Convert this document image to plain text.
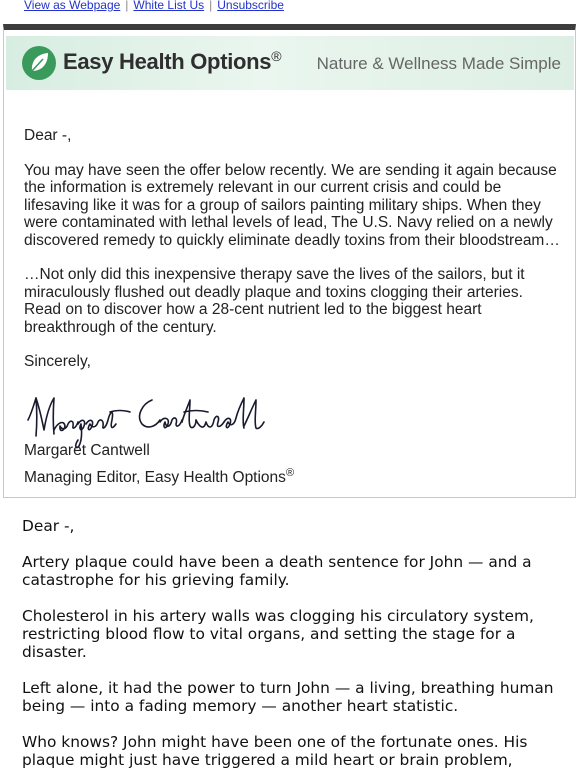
View as Webpage | White List Us | Unsubscribe
Easy Health Options® Nature & Wellness Made Simple

Dear -,

You may have seen the offer below recently. We are sending it again because the information is extremely relevant in our current crisis and could be lifesaving like it was for a group of sailors painting military ships. When they were contaminated with lethal levels of lead, The U.S. Navy relied on a newly discovered remedy to quickly eliminate deadly toxins from their bloodstream…

…Not only did this inexpensive therapy save the lives of the sailors, but it miraculously flushed out deadly plaque and toxins clogging their arteries. Read on to discover how a 28-cent nutrient led to the biggest heart breakthrough of the century.

Sincerely,

Margaret Cantwell
Managing Editor, Easy Health Options®

Dear -,

Artery plaque could have been a death sentence for John — and a catastrophe for his grieving family.

Cholesterol in his artery walls was clogging his circulatory system, restricting blood flow to vital organs, and setting the stage for a disaster.

Left alone, it had the power to turn John — a living, breathing human being — into a fading memory — another heart statistic.

Who knows? John might have been one of the fortunate ones. His plaque might just have triggered a mild heart or brain problem,
